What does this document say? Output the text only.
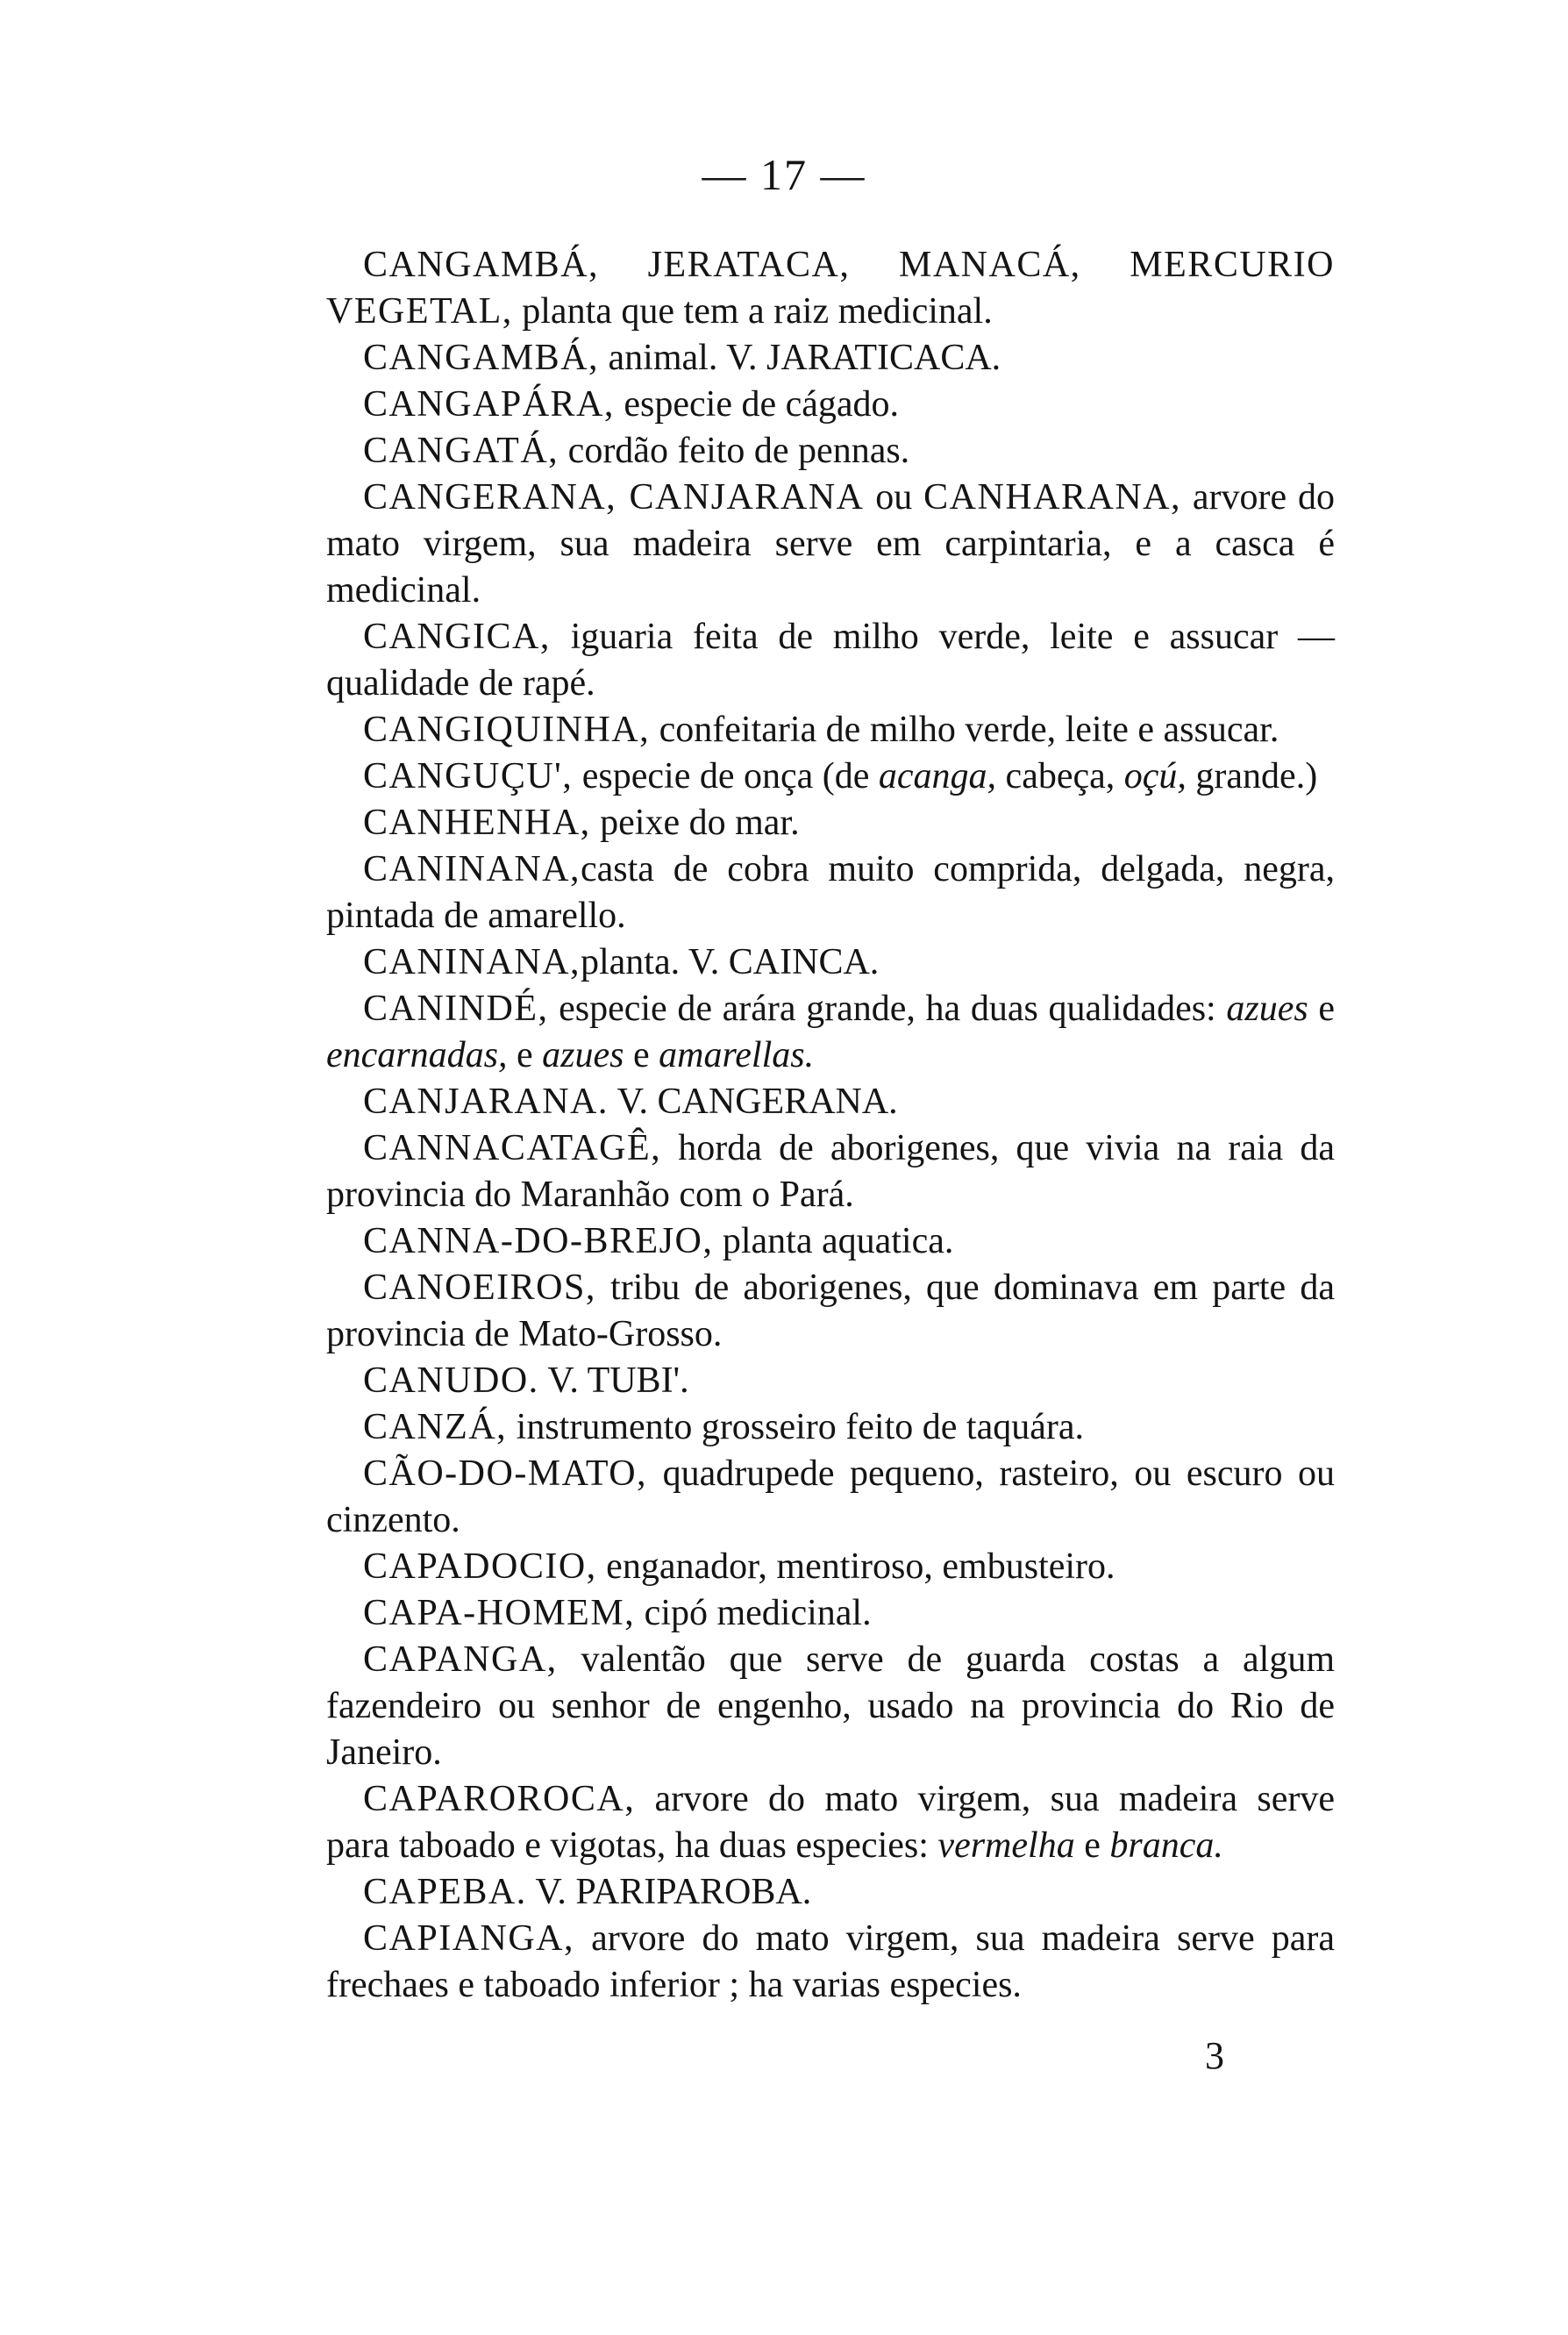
— 17 —

CANGAMBÁ, JERATACA, MANACÁ, MERCURIO VEGETAL, planta que tem a raiz medicinal.

CANGAMBÁ, animal. V. JARATICACA.

CANGAPÁRA, especie de cágado.

CANGATÁ, cordão feito de pennas.

CANGERANA, CANJARANA ou CANHARANA, arvore do mato virgem, sua madeira serve em carpintaria, e a casca é medicinal.

CANGICA, iguaria feita de milho verde, leite e assucar — qualidade de rapé.

CANGIQUINHA, confeitaria de milho verde, leite e assucar.

CANGUÇU', especie de onça (de acanga, cabeça, oçú, grande.)

CANHENHA, peixe do mar.

CANINANA,casta de cobra muito comprida, delgada, negra, pintada de amarello.

CANINANA,planta. V. CAINCA.

CANINDÉ, especie de arára grande, ha duas qualidades: azues e encarnadas, e azues e amarellas.

CANJARANA. V. CANGERANA.

CANNACATAGÊ, horda de aborigenes, que vivia na raia da provincia do Maranhão com o Pará.

CANNA-DO-BREJO, planta aquatica.

CANOEIROS, tribu de aborigenes, que dominava em parte da provincia de Mato-Grosso.

CANUDO. V. TUBI'.

CANZÁ, instrumento grosseiro feito de taquára.

CÃO-DO-MATO, quadrupede pequeno, rasteiro, ou escuro ou cinzento.

CAPADOCIO, enganador, mentiroso, embusteiro.

CAPA-HOMEM, cipó medicinal.

CAPANGA, valentão que serve de guarda costas a algum fazendeiro ou senhor de engenho, usado na provincia do Rio de Janeiro.

CAPAROROCA, arvore do mato virgem, sua madeira serve para taboado e vigotas, ha duas especies: vermelha e branca.

CAPEBA. V. PARIPAROBA.

CAPIANGA, arvore do mato virgem, sua madeira serve para frechaes e taboado inferior ; ha varias especies.

3
